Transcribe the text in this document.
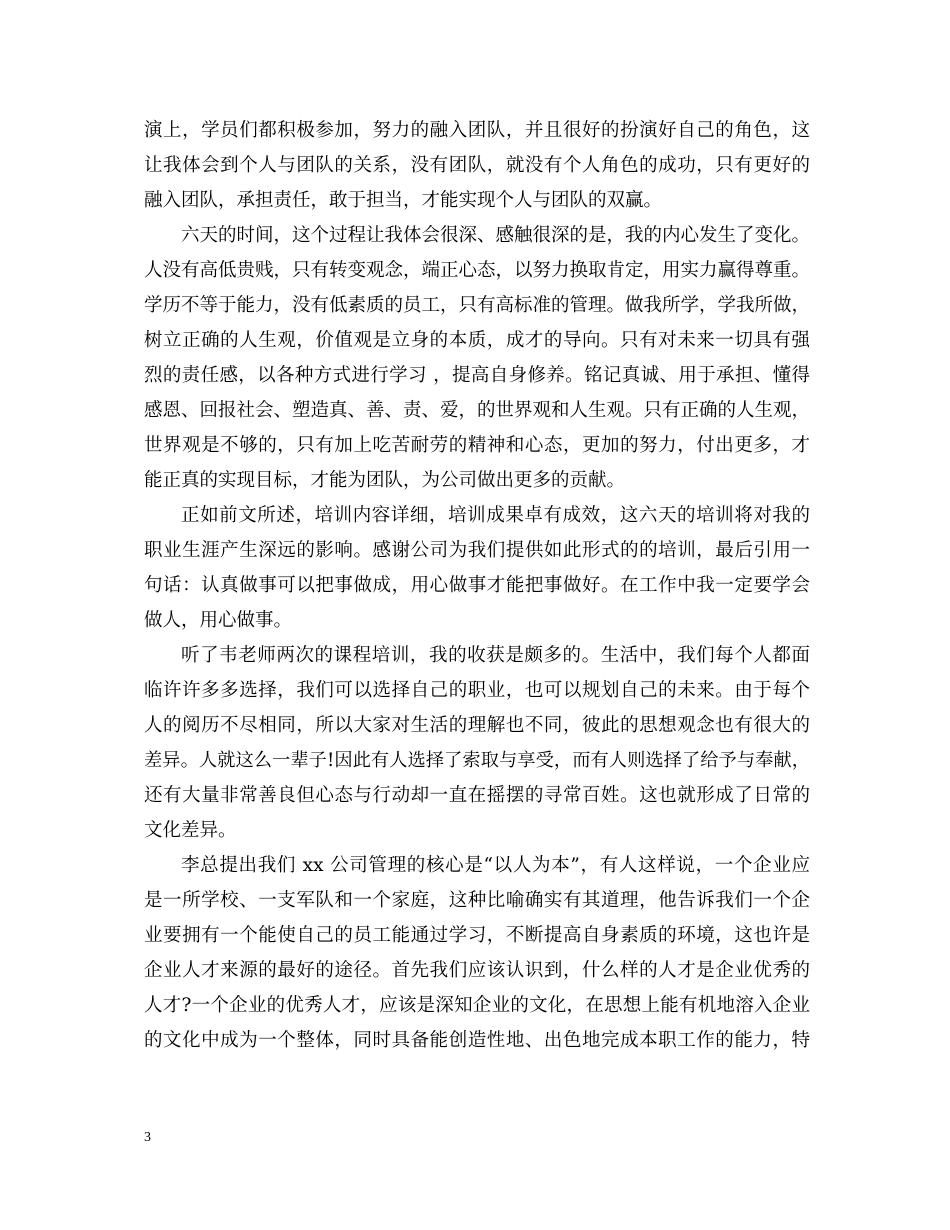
演上，学员们都积极参加，努力的融入团队，并且很好的扮演好自己的角色，这
让我体会到个人与团队的关系，没有团队，就没有个人角色的成功，只有更好的
融入团队，承担责任，敢于担当，才能实现个人与团队的双赢。
六天的时间，这个过程让我体会很深、感触很深的是，我的内心发生了变化。
人没有高低贵贱，只有转变观念，端正心态，以努力换取肯定，用实力赢得尊重。
学历不等于能力，没有低素质的员工，只有高标准的管理。做我所学，学我所做，
树立正确的人生观，价值观是立身的本质，成才的导向。只有对未来一切具有强
烈的责任感，以各种方式进行学习 ，提高自身修养。铭记真诚、用于承担、懂得
感恩、回报社会、塑造真、善、责、爱，的世界观和人生观。只有正确的人生观，
世界观是不够的，只有加上吃苦耐劳的精神和心态，更加的努力，付出更多，才
能正真的实现目标，才能为团队，为公司做出更多的贡献。
正如前文所述，培训内容详细，培训成果卓有成效，这六天的培训将对我的
职业生涯产生深远的影响。感谢公司为我们提供如此形式的的培训，最后引用一
句话：认真做事可以把事做成，用心做事才能把事做好。在工作中我一定要学会
做人，用心做事。
听了韦老师两次的课程培训，我的收获是颇多的。生活中，我们每个人都面
临许许多多选择，我们可以选择自己的职业，也可以规划自己的未来。由于每个
人的阅历不尽相同，所以大家对生活的理解也不同，彼此的思想观念也有很大的
差异。人就这么一辈子!因此有人选择了索取与享受，而有人则选择了给予与奉献，
还有大量非常善良但心态与行动却一直在摇摆的寻常百姓。这也就形成了日常的
文化差异。
李总提出我们 xx 公司管理的核心是“以人为本”，有人这样说，一个企业应
是一所学校、一支军队和一个家庭，这种比喻确实有其道理，他告诉我们一个企
业要拥有一个能使自己的员工能通过学习，不断提高自身素质的环境，这也许是
企业人才来源的最好的途径。首先我们应该认识到，什么样的人才是企业优秀的
人才?一个企业的优秀人才，应该是深知企业的文化，在思想上能有机地溶入企业
的文化中成为一个整体，同时具备能创造性地、出色地完成本职工作的能力，特
3
